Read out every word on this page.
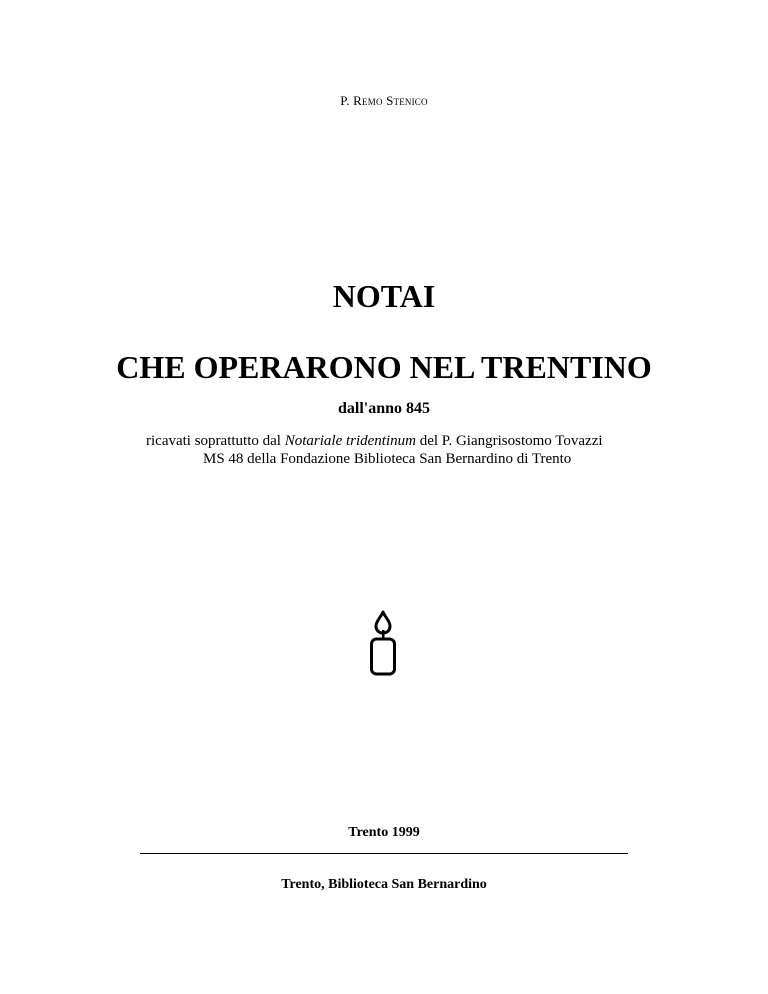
P. Remo Stenico
NOTAI
CHE OPERARONO NEL TRENTINO
dall'anno 845
ricavati soprattutto dal Notariale tridentinum del P. Giangrisostomo Tovazzi
MS 48 della Fondazione Biblioteca San Bernardino di Trento
Trento 1999
Trento, Biblioteca San Bernardino
